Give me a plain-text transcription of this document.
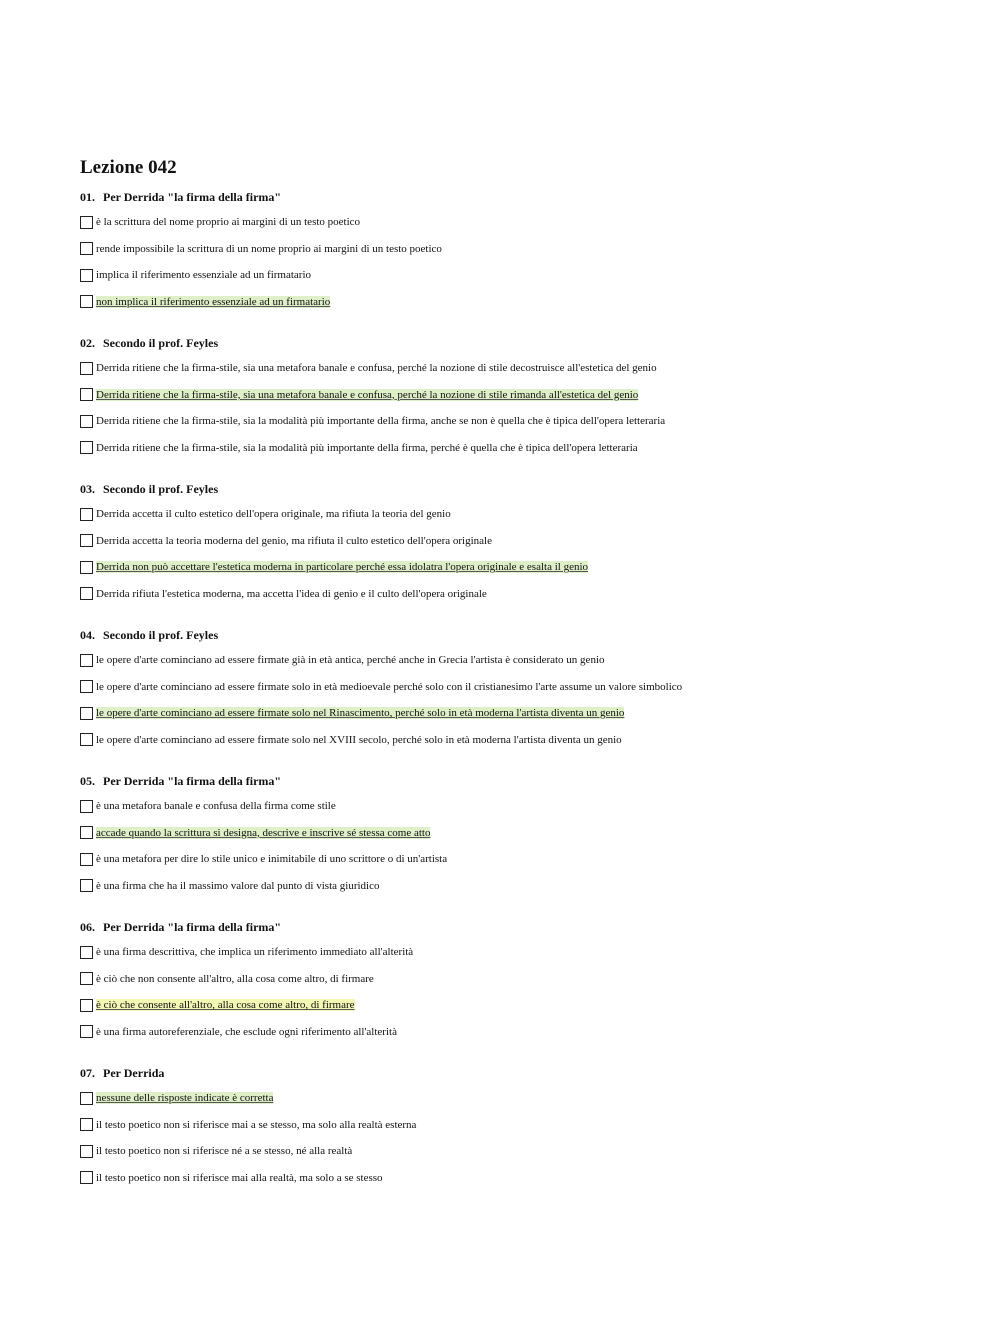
Lezione 042
01. Per Derrida "la firma della firma"
è la scrittura del nome proprio ai margini di un testo poetico
rende impossibile la scrittura di un nome proprio ai margini di un testo poetico
implica il riferimento essenziale ad un firmatario
non implica il riferimento essenziale ad un firmatario
02. Secondo il prof. Feyles
Derrida ritiene che la firma-stile, sia una metafora banale e confusa, perché la nozione di stile decostruisce all'estetica del genio
Derrida ritiene che la firma-stile, sia una metafora banale e confusa, perché la nozione di stile rimanda all'estetica del genio
Derrida ritiene che la firma-stile, sia la modalità più importante della firma, anche se non è quella che è tipica dell'opera letteraria
Derrida ritiene che la firma-stile, sia la modalità più importante della firma, perché è quella che è tipica dell'opera letteraria
03. Secondo il prof. Feyles
Derrida accetta il culto estetico dell'opera originale, ma rifiuta la teoria del genio
Derrida accetta la teoria moderna del genio, ma rifiuta il culto estetico dell'opera originale
Derrida non può accettare l'estetica moderna in particolare perché essa idolatra l'opera originale e esalta il genio
Derrida rifiuta l'estetica moderna, ma accetta l'idea di genio e il culto dell'opera originale
04. Secondo il prof. Feyles
le opere d'arte cominciano ad essere firmate già in età antica, perché anche in Grecia l'artista è considerato un genio
le opere d'arte cominciano ad essere firmate solo in età medioevale perché solo con il cristianesimo l'arte assume un valore simbolico
le opere d'arte cominciano ad essere firmate solo nel Rinascimento, perché solo in età moderna l'artista diventa un genio
le opere d'arte cominciano ad essere firmate solo nel XVIII secolo, perché solo in età moderna l'artista diventa un genio
05. Per Derrida "la firma della firma"
è una metafora banale e confusa della firma come stile
accade quando la scrittura si designa, descrive e inscrive sé stessa come atto
è una metafora per dire lo stile unico e inimitabile di uno scrittore o di un'artista
è una firma che ha il massimo valore dal punto di vista giuridico
06. Per Derrida "la firma della firma"
è una firma descrittiva, che implica un riferimento immediato all'alterità
è ciò che non consente all'altro, alla cosa come altro, di firmare
è ciò che consente all'altro, alla cosa come altro, di firmare
è una firma autoreferenziale, che esclude ogni riferimento all'alterità
07. Per Derrida
nessune delle risposte indicate è corretta
il testo poetico non si riferisce mai a se stesso, ma solo alla realtà esterna
il testo poetico non si riferisce né a se stesso, né alla realtà
il testo poetico non si riferisce mai alla realtà, ma solo a se stesso
